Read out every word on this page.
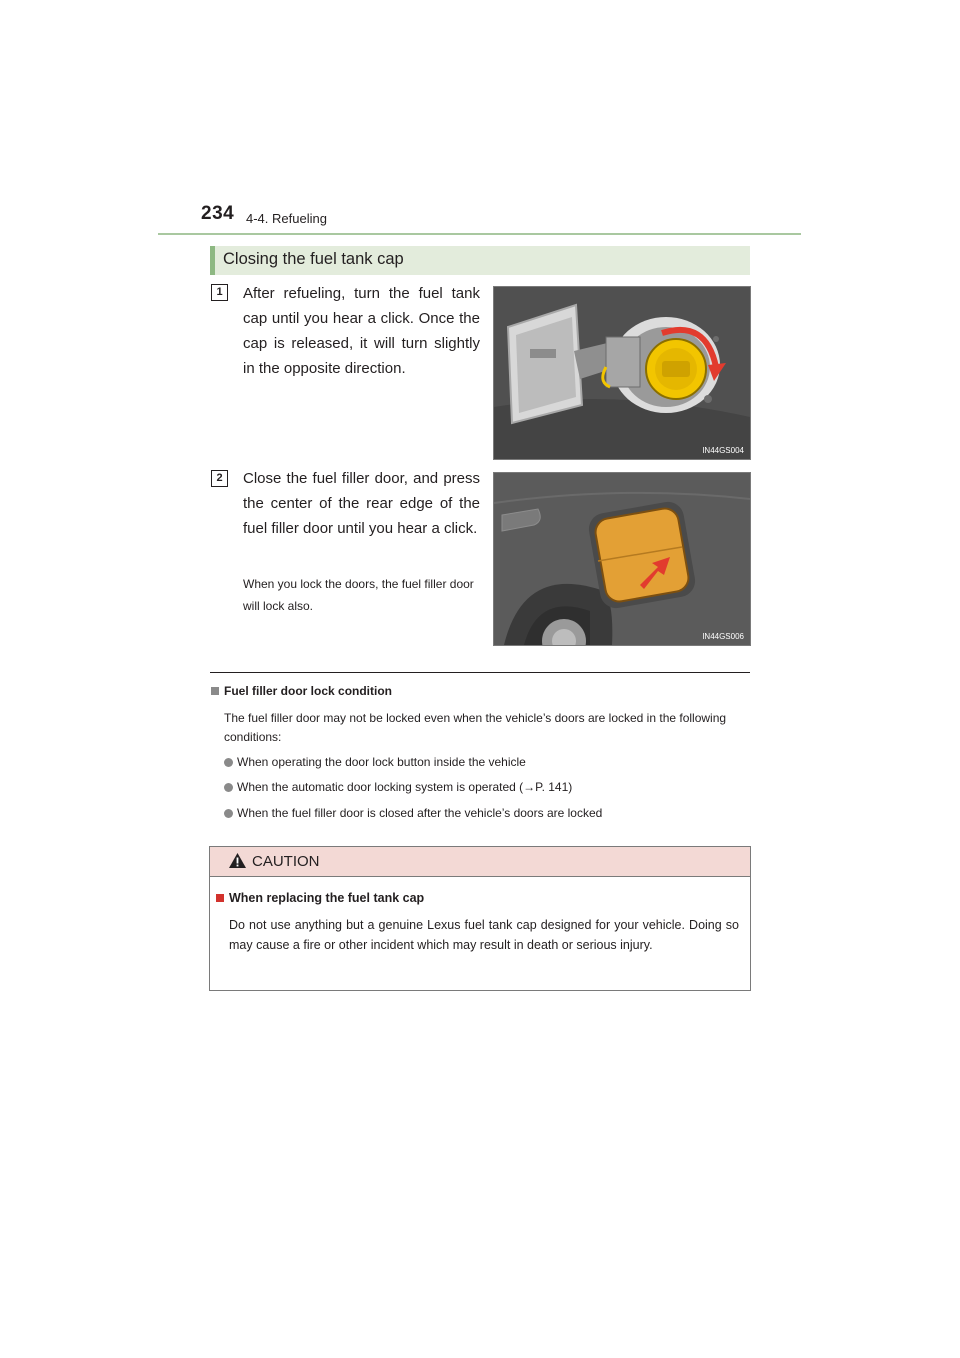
234 4-4. Refueling
Closing the fuel tank cap
1	After refueling, turn the fuel tank cap until you hear a click. Once the cap is released, it will turn slightly in the opposite direction.
IN44GS004
2	Close the fuel filler door, and press the center of the rear edge of the fuel filler door until you hear a click.
When you lock the doors, the fuel filler door will lock also.
IN44GS006
Fuel filler door lock condition
The fuel filler door may not be locked even when the vehicle’s doors are locked in the following conditions:
When operating the door lock button inside the vehicle
When the automatic door locking system is operated (→P. 141)
When the fuel filler door is closed after the vehicle’s doors are locked
CAUTION
When replacing the fuel tank cap
Do not use anything but a genuine Lexus fuel tank cap designed for your vehicle. Doing so may cause a fire or other incident which may result in death or serious injury.
